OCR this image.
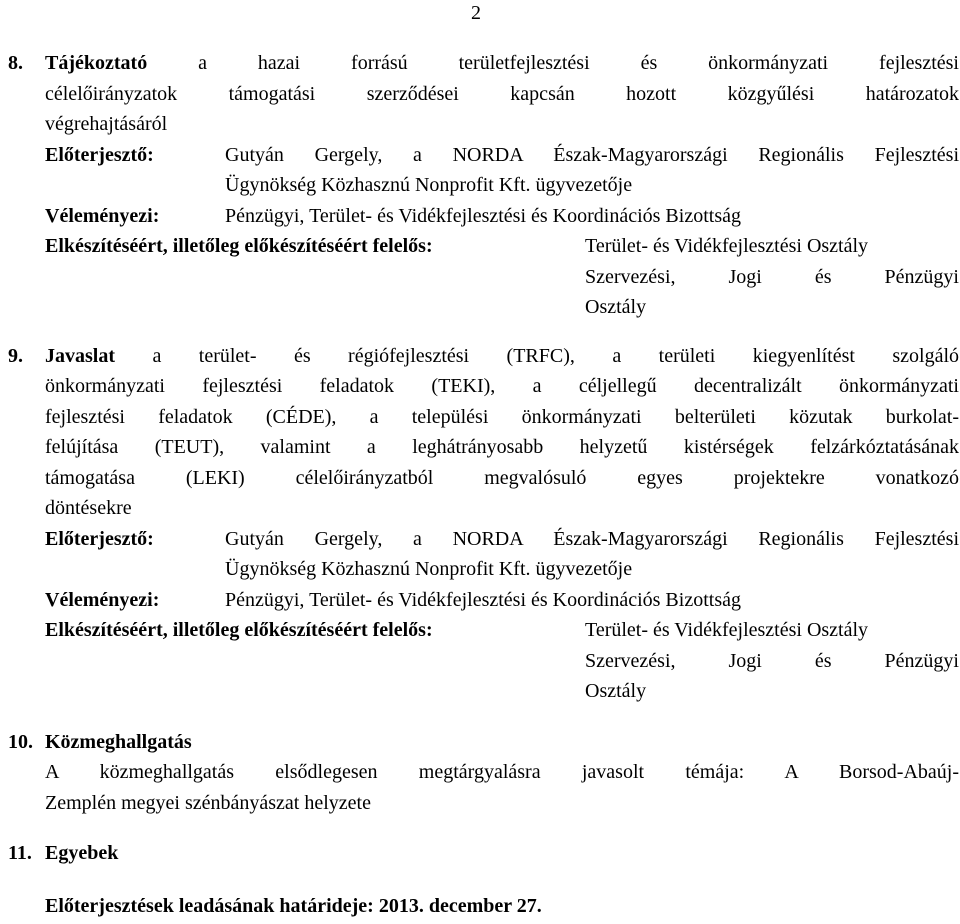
2
8. Tájékoztató	a hazai forrású területfejlesztési és önkormányzati fejlesztési
célelőirányzatok támogatási szerződései kapcsán hozott közgyűlési határozatok
végrehajtásáról
Előterjesztő:	Gutyán Gergely, a NORDA Észak-Magyarországi Regionális Fejlesztési
Ügynökség Közhasznú Nonprofit Kft. ügyvezetője
Véleményezi:	Pénzügyi, Terület- és Vidékfejlesztési és Koordinációs Bizottság
Elkészítéséért, illetőleg előkészítéséért felelős:	Terület- és Vidékfejlesztési Osztály
Szervezési, Jogi és Pénzügyi
Osztály
9. Javaslat a terület- és régiófejlesztési (TRFC), a területi kiegyenlítést szolgáló
önkormányzati fejlesztési feladatok (TEKI), a céljellegű decentralizált önkormányzati
fejlesztési feladatok (CÉDE), a települési önkormányzati belterületi közutak burkolat-
felújítása (TEUT), valamint a leghátrányosabb helyzetű kistérségek felzárkóztatásának
támogatása (LEKI) célelőirányzatból megvalósuló egyes projektekre vonatkozó
döntésekre
Előterjesztő:	Gutyán Gergely, a NORDA Észak-Magyarországi Regionális Fejlesztési
Ügynökség Közhasznú Nonprofit Kft. ügyvezetője
Véleményezi:	Pénzügyi, Terület- és Vidékfejlesztési és Koordinációs Bizottság
Elkészítéséért, illetőleg előkészítéséért felelős:	Terület- és Vidékfejlesztési Osztály
Szervezési, Jogi és Pénzügyi
Osztály
10. Közmeghallgatás
A közmeghallgatás elsődlegesen megtárgyalásra javasolt témája: A Borsod-Abaúj-
Zemplén megyei szénbányászat helyzete
11. Egyebek
Előterjesztések leadásának határideje: 2013. december 27.
